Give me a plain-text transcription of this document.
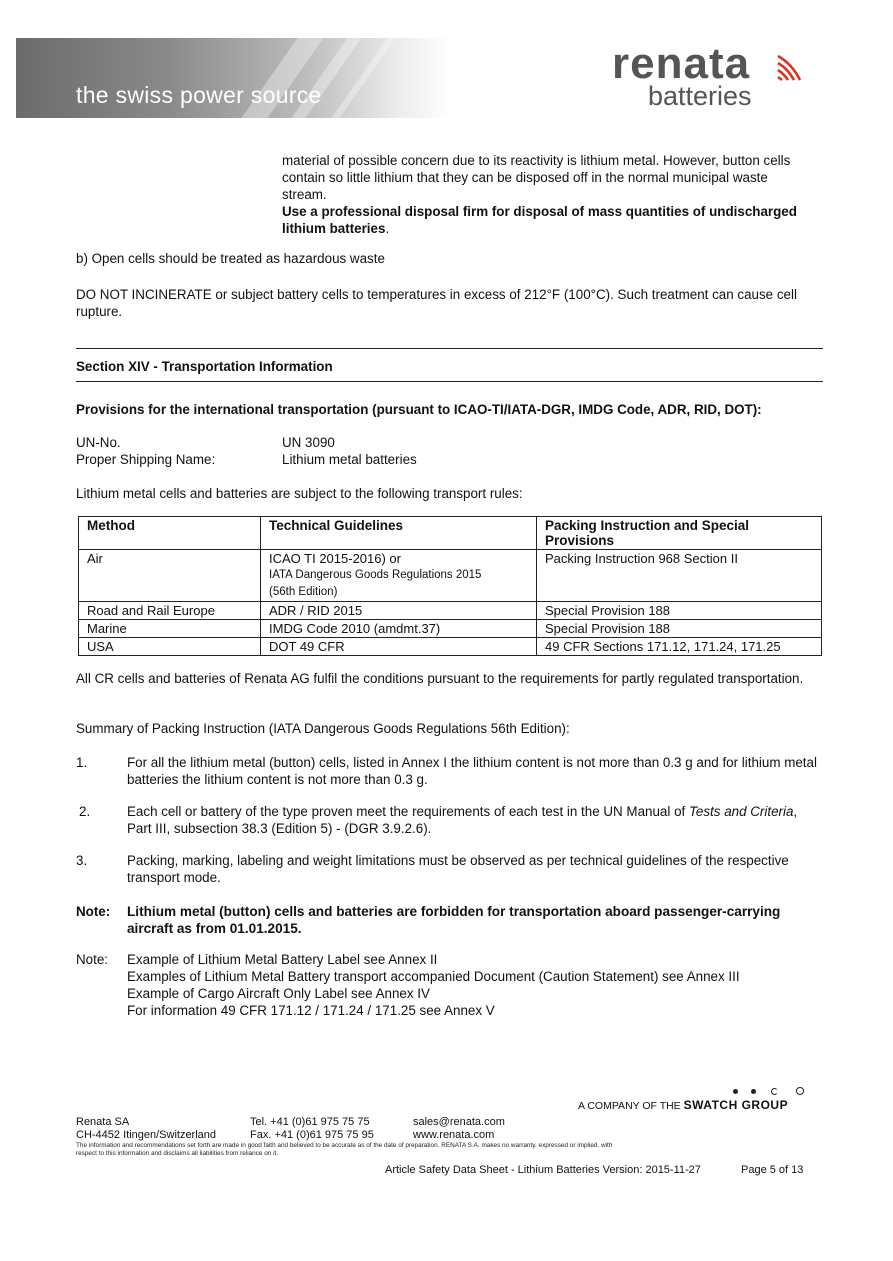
the swiss power source
renata
batteries

material of possible concern due to its reactivity is lithium metal. However, button cells contain so little lithium that they can be disposed off in the normal municipal waste stream.
Use a professional disposal firm for disposal of mass quantities of undischarged lithium batteries.

b) Open cells should be treated as hazardous waste

DO NOT INCINERATE or subject battery cells to temperatures in excess of 212°F (100°C). Such treatment can cause cell rupture.

Section XIV - Transportation Information

Provisions for the international transportation (pursuant to ICAO-TI/IATA-DGR, IMDG Code, ADR, RID, DOT):

UN-No.	UN 3090

Proper Shipping Name:	Lithium metal batteries

Lithium metal cells and batteries are subject to the following transport rules:

Method	Technical Guidelines	Packing Instruction and Special Provisions
Air	ICAO TI 2015-2016) or
IATA Dangerous Goods Regulations 2015
(56th Edition)	Packing Instruction 968 Section II
Road and Rail Europe	ADR / RID 2015	Special Provision 188
Marine	IMDG Code 2010 (amdmt.37)	Special Provision 188
USA	DOT 49 CFR	49 CFR Sections 171.12, 171.24, 171.25

All CR cells and batteries of Renata AG fulfil the conditions pursuant to the requirements for partly regulated transportation.

Summary of Packing Instruction (IATA Dangerous Goods Regulations 56th Edition):

1.	For all the lithium metal (button) cells, listed in Annex I the lithium content is not more than 0.3 g and for lithium metal batteries the lithium content is not more than 0.3 g.

2.	Each cell or battery of the type proven meet the requirements of each test in the UN Manual of Tests and Criteria, Part III, subsection 38.3 (Edition 5) - (DGR 3.9.2.6).

3.	Packing, marking, labeling and weight limitations must be observed as per technical guidelines of the respective transport mode.

Note: Lithium metal (button) cells and batteries are forbidden for transportation aboard passenger-carrying aircraft as from 01.01.2015.

Note: Example of Lithium Metal Battery Label see Annex II

Examples of Lithium Metal Battery transport accompanied Document (Caution Statement) see Annex III

Example of Cargo Aircraft Only Label see Annex IV

For information 49 CFR 171.12 / 171.24 / 171.25 see Annex V

A COMPANY OF THE SWATCH GROUP

Renata SA

CH-4452 Itingen/Switzerland

Tel. +41 (0)61 975 75 75

Fax. +41 (0)61 975 75 95

sales@renata.com

www.renata.com

The information and recommendations set forth are made in good faith and believed to be accurate as of the date of preparation. RENATA S.A. makes no warranty, expressed or implied, with

respect to this information and disclaims all liabilities from reliance on it.

Article Safety Data Sheet - Lithium Batteries Version: 2015-11-27	Page 5 of 13
